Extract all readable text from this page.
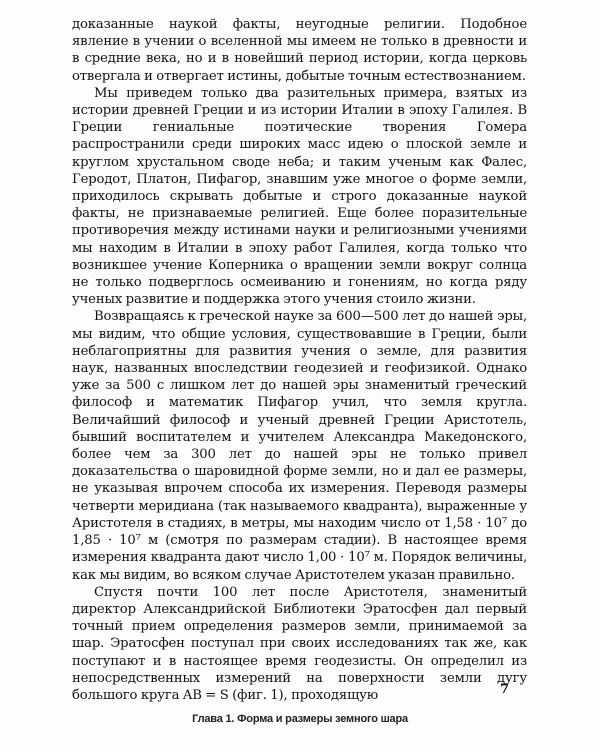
доказанные наукой факты, неугодные религии. Подобное явление в учении о вселенной мы имеем не только в древности и в средние века, но и в новейший период истории, когда церковь отвергала и отвергает истины, добытые точным естествознанием.

Мы приведем только два разительных примера, взятых из истории древней Греции и из истории Италии в эпоху Галилея. В Греции гениальные поэтические творения Гомера распространили среди широких масс идею о плоской земле и круглом хрустальном своде неба; и таким ученым как Фалес, Геродот, Платон, Пифагор, знавшим уже многое о форме земли, приходилось скрывать добытые и строго доказанные наукой факты, не признаваемые религией. Еще более поразительные противоречия между истинами науки и религиозными учениями мы находим в Италии в эпоху работ Галилея, когда только что возникшее учение Коперника о вращении земли вокруг солнца не только подверглось осмеиванию и гонениям, но когда ряду ученых развитие и поддержка этого учения стоило жизни.

Возвращаясь к греческой науке за 600—500 лет до нашей эры, мы видим, что общие условия, существовавшие в Греции, были неблагоприятны для развития учения о земле, для развития наук, названных впоследствии геодезией и геофизикой. Однако уже за 500 с лишком лет до нашей эры знаменитый греческий философ и математик Пифагор учил, что земля кругла. Величайший философ и ученый древней Греции Аристотель, бывший воспитателем и учителем Александра Македонского, более чем за 300 лет до нашей эры не только привел доказательства о шаровидной форме земли, но и дал ее размеры, не указывая впрочем способа их измерения. Переводя размеры четверти меридиана (так называемого квадранта), выраженные у Аристотеля в стадиях, в метры, мы находим число от 1,58 · 10⁷ до 1,85 · 10⁷ м (смотря по размерам стадии). В настоящее время измерения квадранта дают число 1,00 · 10⁷ м. Порядок величины, как мы видим, во всяком случае Аристотелем указан правильно.

Спустя почти 100 лет после Аристотеля, знаменитый директор Александрийской Библиотеки Эратосфен дал первый точный прием определения размеров земли, принимаемой за шар. Эратосфен поступал при своих исследованиях так же, как поступают и в настоящее время геодезисты. Он определил из непосредственных измерений на поверхности земли дугу большого круга AB = S (фиг. 1), проходящую	7
Глава 1. Форма и размеры земного шара
